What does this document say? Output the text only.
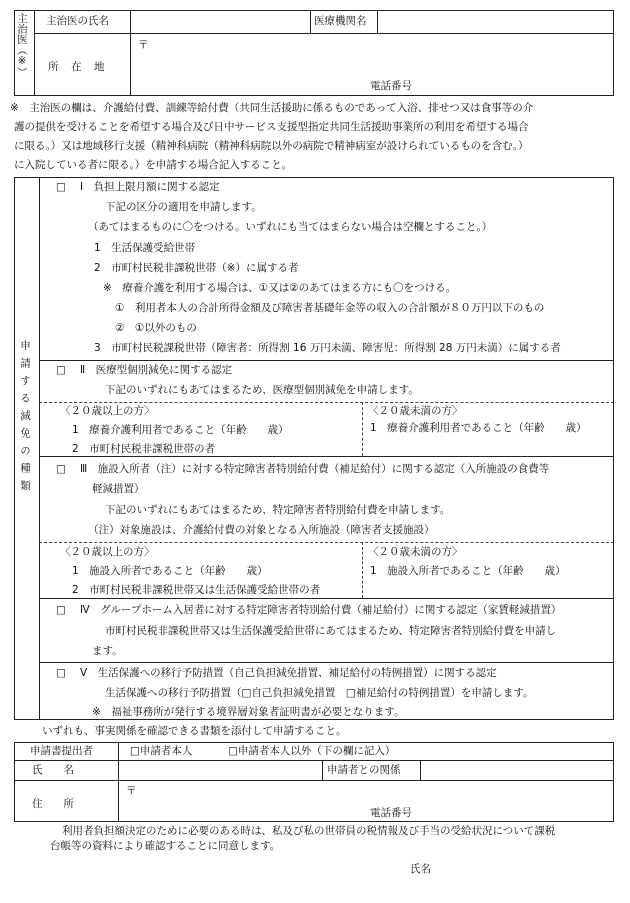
主治医（※） 主治医の氏名	医療機関名
所　在　地
〒
電話番号

※　主治医の欄は、介護給付費、訓練等給付費（共同生活援助に係るものであって入浴、排せつ又は食事等の介

護の提供を受けることを希望する場合及び日中サービス支援型指定共同生活援助事業所の利用を希望する場合

に限る。）又は地域移行支援（精神科病院（精神科病院以外の病院で精神病室が設けられているものを含む。）

に入院している者に限る。）を申請する場合記入すること。

申請する減免の種類
□ Ⅰ　負担上限月額に関する認定
下記の区分の適用を申請します。
（あてはまるものに〇をつける。いずれにも当てはまらない場合は空欄とすること。）
1　生活保護受給世帯
2　市町村民税非課税世帯（※）に属する者
※　療養介護を利用する場合は、①又は②のあてはまる方にも〇をつける。
①　利用者本人の合計所得金額及び障害者基礎年金等の収入の合計額が８０万円以下のもの
②　①以外のもの
3　市町村民税課税世帯（障害者：所得割 16 万円未満、障害児：所得割 28 万円未満）に属する者
□ Ⅱ　医療型個別減免に関する認定
下記のいずれにもあてはまるため、医療型個別減免を申請します。
〈２０歳以上の方〉
1　療養介護利用者であること（年齢　　歳）
2　市町村民税非課税世帯の者
〈２０歳未満の方〉
1　療養介護利用者であること（年齢　　歳）
□ Ⅲ　施設入所者（注）に対する特定障害者特別給付費（補足給付）に関する認定（入所施設の食費等
軽減措置）
下記のいずれにもあてはまるため、特定障害者特別給付費を申請します。
（注）対象施設は、介護給付費の対象となる入所施設（障害者支援施設）
〈２０歳以上の方〉
1　施設入所者であること（年齢　　歳）
2　市町村民税非課税世帯又は生活保護受給世帯の者
〈２０歳未満の方〉
1　施設入所者であること（年齢　　歳）
□ Ⅳ　グループホーム入居者に対する特定障害者特別給付費（補足給付）に関する認定（家賃軽減措置）
市町村民税非課税世帯又は生活保護受給世帯にあてはまるため、特定障害者特別給付費を申請し
ます。
□ Ⅴ　生活保護への移行予防措置（自己負担減免措置、補足給付の特例措置）に関する認定
生活保護への移行予防措置（□自己負担減免措置　□補足給付の特例措置）を申請します。
※　福祉事務所が発行する境界層対象者証明書が必要となります。
いずれも、事実関係を確認できる書類を添付して申請すること。
申請書提出者	□申請者本人	□申請者本人以外（下の欄に記入）
氏　　名	申請者との関係
住　　所
〒
電話番号
利用者負担額決定のために必要のある時は、私及び私の世帯員の税情報及び手当の受給状況について課税
台帳等の資料により確認することに同意します。
氏名
